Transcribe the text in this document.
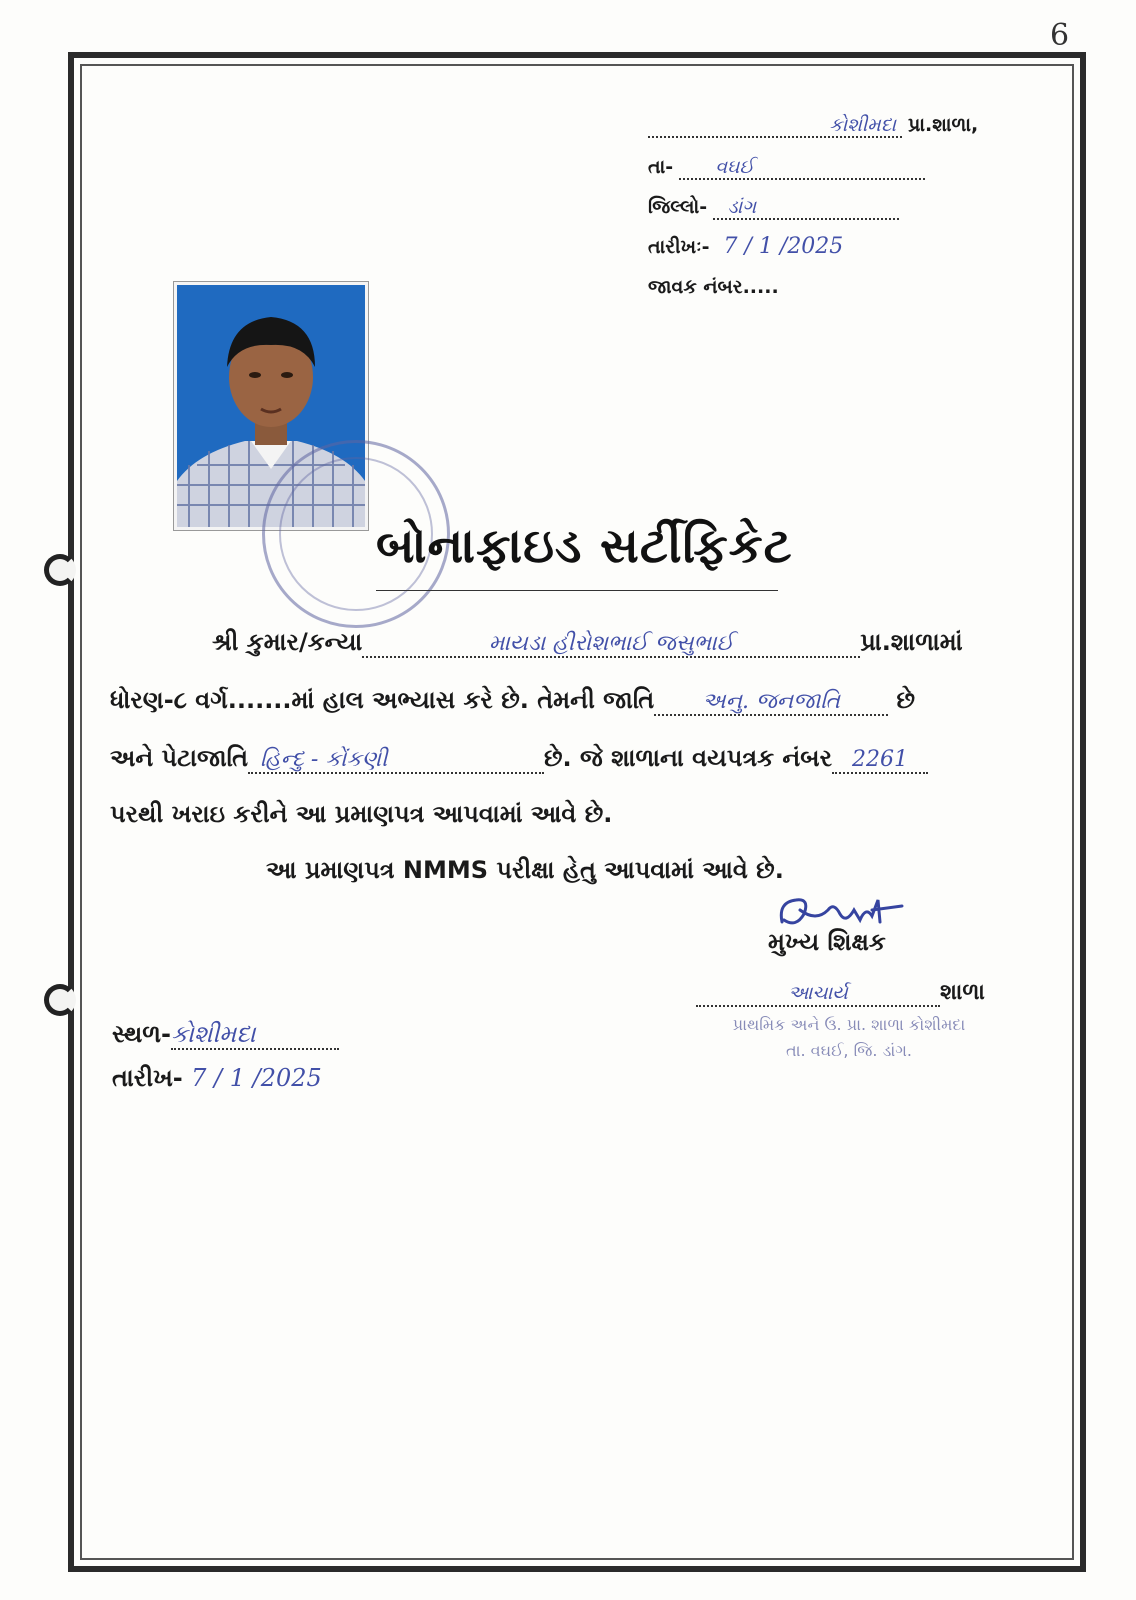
6
કોશીમદા પ્રા.શાળા,
તા- વઘઈ
જિલ્લો- ડાંગ
તારીખઃ- 7 / 1 /2025
જાવક નંબર.....
બોનાફાઇડ સર્ટીફિકેટ
શ્રી કુમાર/કન્યા	માયડા હીરોશભાઈ જસુભાઈ	પ્રા.શાળામાં
ધોરણ-૮ વર્ગ.......માં હાલ અભ્યાસ કરે છે. તેમની જાતિ અનુ. જનજાતિ છે
અને પેટાજાતિ હિન્દુ - કોંકણી	છે. જે શાળાના વયપત્રક નંબર 2261
પરથી ખરાઇ કરીને આ પ્રમાણપત્ર આપવામાં આવે છે.
આ પ્રમાણપત્ર NMMS પરીક્ષા હેતુ આપવામાં આવે છે.
મુખ્ય શિક્ષક
આચાર્ય	શાળા
પ્રાથમિક અને ઉ. પ્રા. શાળા કોશીમદા
તા. વઘઈ, જિ. ડાંગ.
સ્થળ-કોશીમદા
તારીખ- 7 / 1 /2025
